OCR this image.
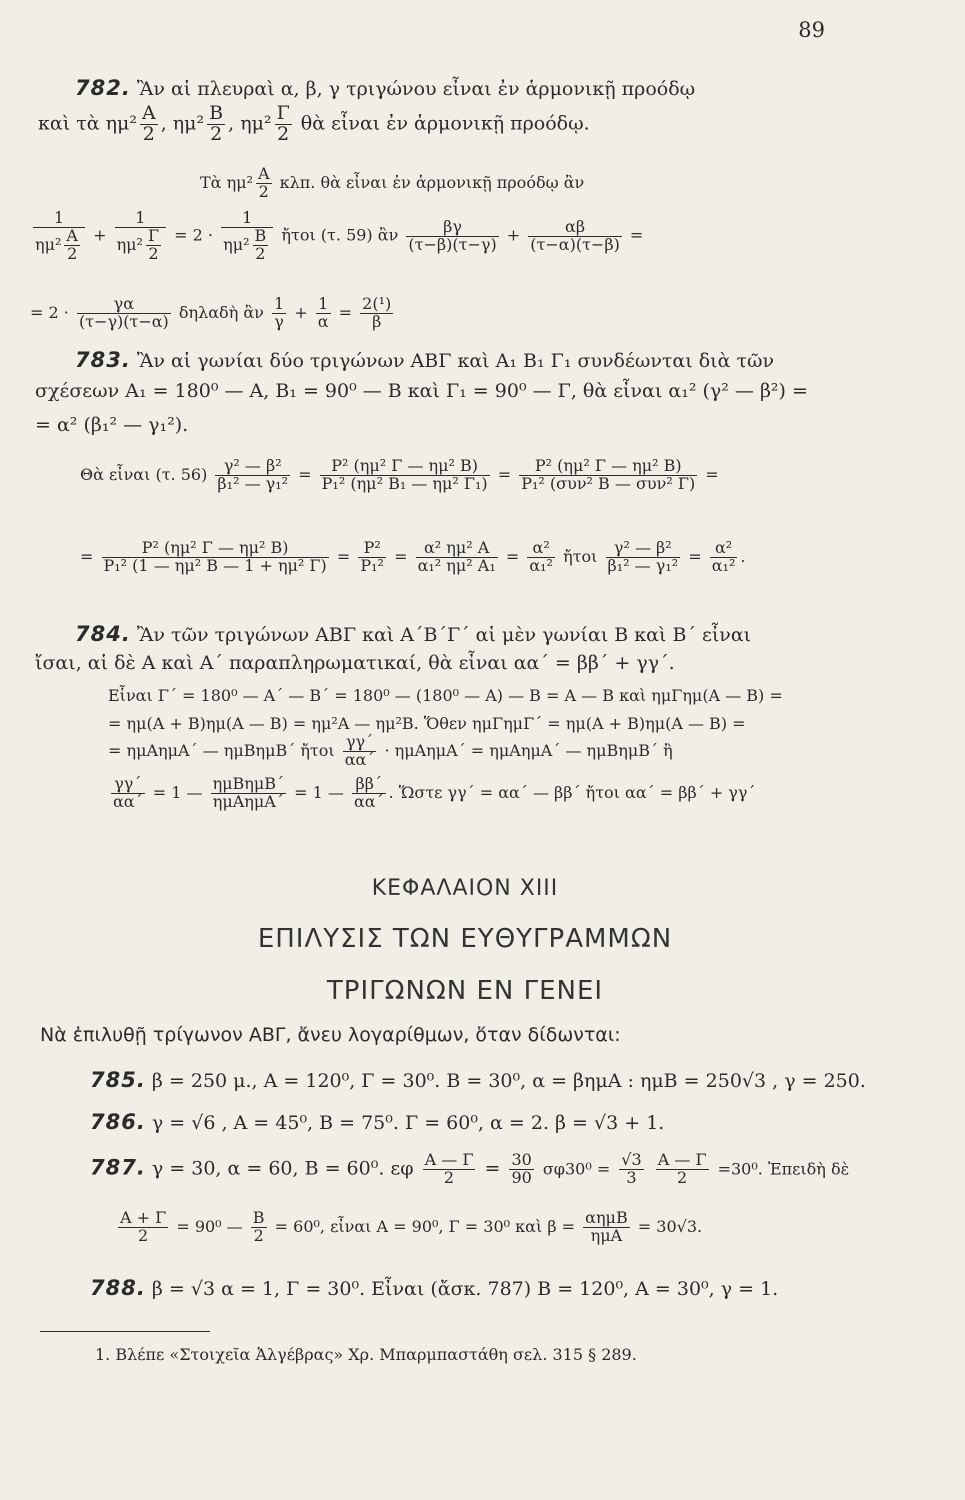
89
782. Ἂν αἱ πλευραὶ α, β, γ τριγώνου εἶναι ἐν ἁρμονικῇ προόδῳ
καὶ τὰ $\eta\mu^2 \frac{A}{2}$ , $\eta\mu^2 \frac{B}{2}$ , $\eta\mu^2 \frac{\Gamma}{2}$ θὰ εἶναι ἐν ἁρμονικῇ προόδῳ.
Τὰ $\eta\mu^2 \frac{A}{2} \kappa\lambda\pi$. θὰ εἶναι ἐν ἁρμονικῇ προόδῳ ἂν
$\frac{1}{\eta\mu^2 \frac{A}{2}} + \frac{1}{\eta\mu^2 \frac{\Gamma}{2}} = 2 \cdot \frac{1}{\eta\mu^2 \frac{B}{2}}$ ἤτοι (τ. 59) ἂν $\frac{\beta\gamma}{(\tau-\beta)(\tau-\gamma)} + \frac{\alpha\beta}{(\tau-\alpha)(\tau-\beta)}$ =
= $2 \cdot \frac{\gamma\alpha}{(\tau-\gamma)(\tau-\alpha)}$ δηλαδὴ ἂν $\frac{1}{\gamma} + \frac{1}{\alpha} = \frac{\text{2(¹)}}{\beta}$
783. Ἂν αἱ γωνίαι δύο τριγώνων ΑΒΓ καὶ Α₁ Β₁ Γ₁ συνδέωνται διὰ τῶν
σχέσεων Α₁ = 180⁰ — Α, Β₁ = 90⁰ — Β καὶ Γ₁ = 90⁰ — Γ, θὰ εἶναι α₁² (γ² — β²) =
= α² (β₁² — γ₁²).
Θὰ εἶναι (τ. $56) \frac{\text{γ² — β²}}{\text{β₁² — γ₁²}} = \frac{\text{P² (ημ² Γ — ημ² Β)}}{\text{P₁² (ημ² Β₁ — ημ² Γ₁)}} = \frac{\text{P² (ημ² Γ — ημ² Β)}}{\text{P₁² (συν² Β — συν² Γ)}}$ =
= $\frac{\text{P² (ημ² Γ — ημ² Β)}}{\text{P₁² (1 — ημ² Β — 1 + ημ² Γ)}} = \frac{\text{P²}}{\text{P₁²}} = \frac{\text{α² ημ² Α}}{\text{α₁² ημ² Α₁}} = \frac{\text{α²}}{\text{α₁²}}$ ἤτοι $\frac{\text{γ² — β²}}{\text{β₁² — γ₁²}} = \frac{\text{α²}}{\text{α₁²}}$ .
784. Ἂν τῶν τριγώνων ΑΒΓ καὶ Α΄Β΄Γ΄ αἱ μὲν γωνίαι Β καὶ Β΄ εἶναι
ἴσαι, αἱ δὲ Α καὶ Α΄ παραπληρωματικαί, θὰ εἶναι αα΄ = ββ΄ + γγ΄.
Εἶναι Γ΄ = 180⁰ — Α΄ — Β΄ = 180⁰ — (180⁰ — Α) — Β = Α — Β καὶ ημΓημ(Α — Β) =
= ημ(Α + Β)ημ(Α — Β) = ημ²Α — ημ²Β. Ὅθεν ημΓημΓ΄ = ημ(Α + Β)ημ(Α — Β) =
= ημΑημΑ΄ — ημΒημΒ΄ ἤτοι $\frac{\gamma\gamma΄}{\alpha\alpha΄} \cdot \eta\mu A\eta\mu A΄ = \eta\mu A\eta\mu A΄$ — ημΒημΒ΄ ἢ
$\frac{\gamma\gamma΄}{\alpha\alpha΄} = 1$ — $\frac{\text{ημΒημΒ΄}}{\text{ημΑημΑ΄}} = 1$ — $\frac{\beta\beta΄}{\alpha\alpha΄}$ . Ὥστε γγ΄ = αα΄ — ββ΄ ἤτοι αα΄ = ββ΄ + γγ΄
ΚΕΦΑΛΑΙΟΝ XIII
ΕΠΙΛΥΣΙΣ ΤΩΝ ΕΥΘΥΓΡΑΜΜΩΝ
ΤΡΙΓΩΝΩΝ ΕΝ ΓΕΝΕΙ
Νὰ ἐπιλυθῇ τρίγωνον ΑΒΓ, ἄνευ λογαρίθμων, ὅταν δίδωνται:
785. β = 250 μ., Α = 120⁰, Γ = 30⁰. Β = 30⁰, α = βημΑ : ημΒ = 250√3 , γ = 250.
786. γ = √6 , Α = 45⁰, Β = 75⁰. Γ = 60⁰, α = 2. β = √3 + 1.
787. γ = 30, α = 60, Β = 60⁰. εφ $\frac{A — \Gamma}{2} = \frac{30}{90} \sigma\varphi 30^0 = \frac{√3}{3}$
$\frac{A — \Gamma}{2} =30^0$. Ἐπειδὴ δὲ
$\frac{A + \Gamma}{2} = 90^0$ — $\frac{B}{2} = 60^0$, εἶναι Α = 90⁰, Γ = 30⁰ καὶ $\beta = \frac{\text{αημΒ}}{\text{ημΑ}} = 30√3$.
788. β = √3 α = 1, Γ = 30⁰. Εἶναι (ἄσκ. 787) Β = 120⁰, Α = 30⁰, γ = 1.
1. Βλέπε «Στοιχεῖα Ἀλγέβρας» Χρ. Μπαρμπαστάθη σελ. 315 § 289.
